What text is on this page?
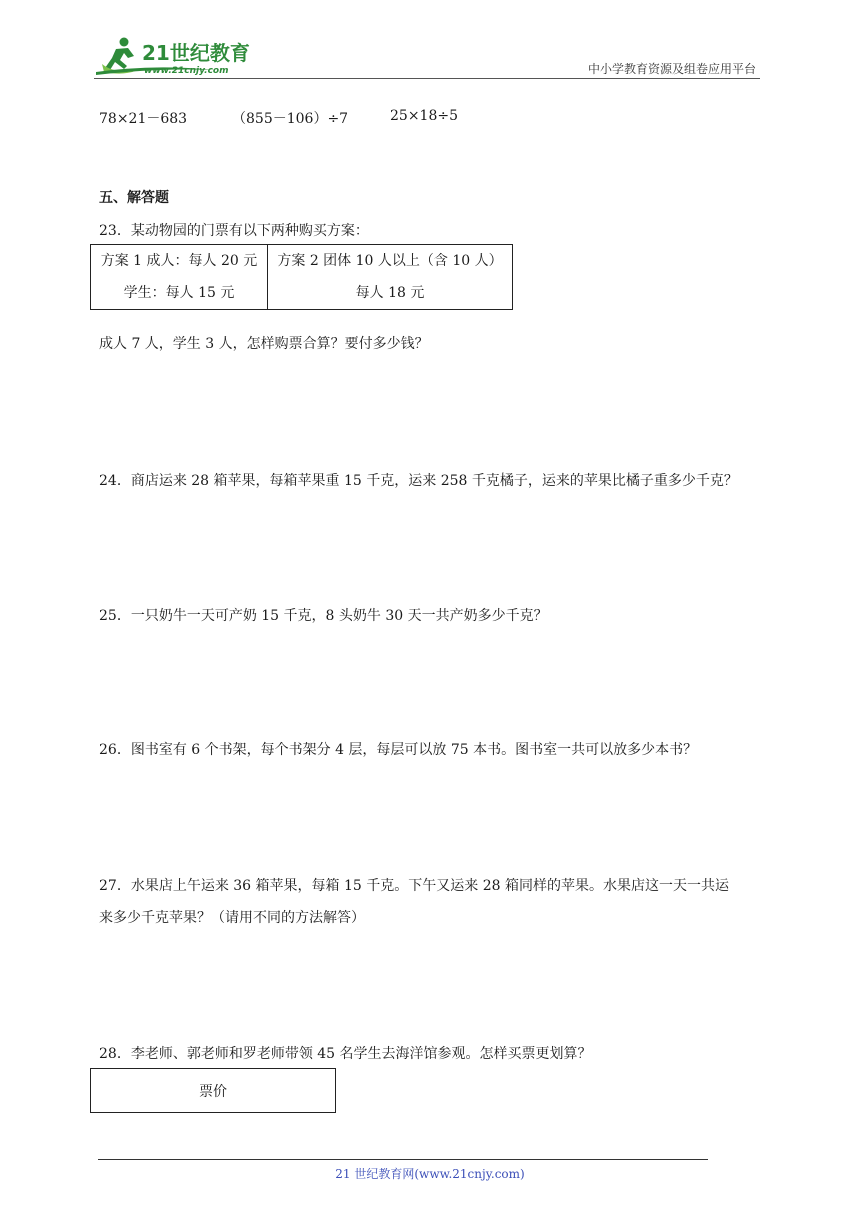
21世纪教育
www.21cnjy.com	中小学教育资源及组卷应用平台
78×21－683	（855－106）÷7	25×18÷5
五、解答题
23．某动物园的门票有以下两种购买方案：
方案 1 成人：每人 20 元
学生：每人 15 元

方案 2 团体 10 人以上（含 10 人）
每人 18 元
成人 7 人，学生 3 人，怎样购票合算？要付多少钱？
24．商店运来 28 箱苹果，每箱苹果重 15 千克，运来 258 千克橘子，运来的苹果比橘子重多少千克？
25．一只奶牛一天可产奶 15 千克，8 头奶牛 30 天一共产奶多少千克？
26．图书室有 6 个书架，每个书架分 4 层，每层可以放 75 本书。图书室一共可以放多少本书？
27．水果店上午运来 36 箱苹果，每箱 15 千克。下午又运来 28 箱同样的苹果。水果店这一天一共运
来多少千克苹果？（请用不同的方法解答）
28．李老师、郭老师和罗老师带领 45 名学生去海洋馆参观。怎样买票更划算？
票价
21 世纪教育网(www.21cnjy.com)
